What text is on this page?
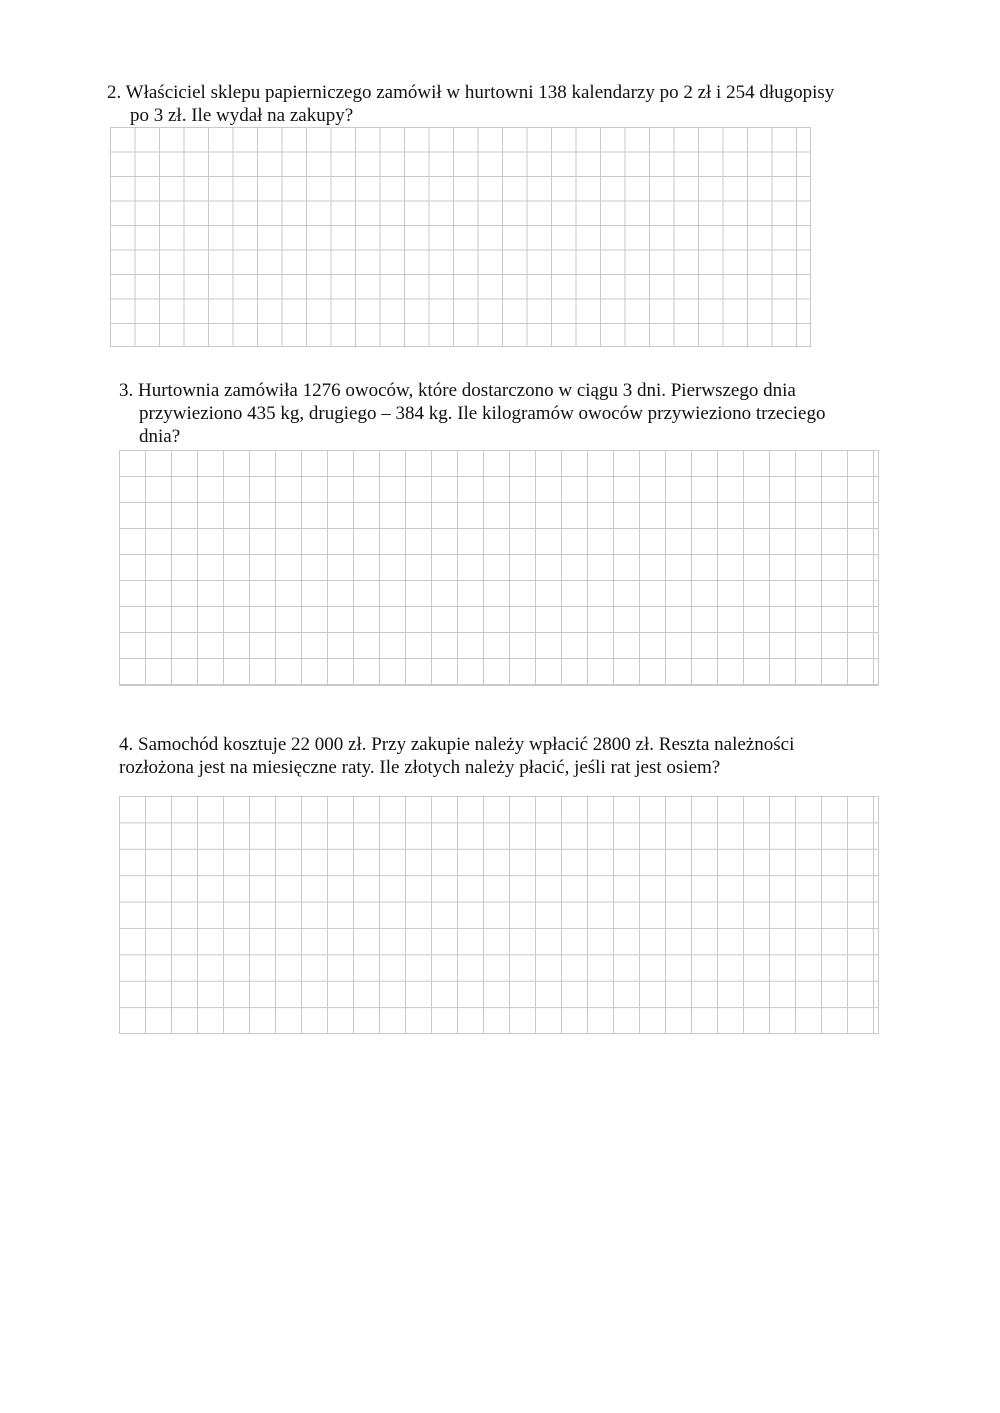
2. Właściciel sklepu papierniczego zamówił w hurtowni 138 kalendarzy po 2 zł i 254 długopisy
po 3 zł. Ile wydał na zakupy?

3. Hurtownia zamówiła 1276 owoców, które dostarczono w ciągu 3 dni. Pierwszego dnia
przywieziono 435 kg, drugiego – 384 kg. Ile kilogramów owoców przywieziono trzeciego
dnia?

4. Samochód kosztuje 22 000 zł. Przy zakupie należy wpłacić 2800 zł. Reszta należności
rozłożona jest na miesięczne raty. Ile złotych należy płacić, jeśli rat jest osiem?
